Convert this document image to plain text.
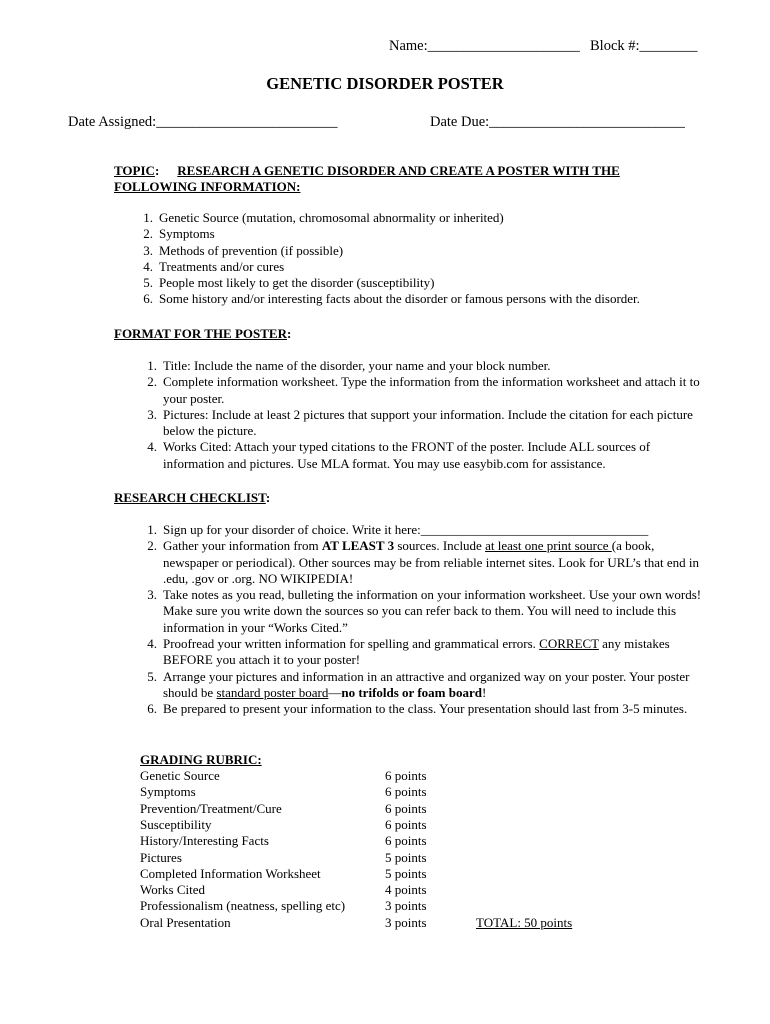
Name:_____________________ Block #:________
GENETIC DISORDER POSTER
Date Assigned:_________________________	Date Due:___________________________
TOPIC: RESEARCH A GENETIC DISORDER AND CREATE A POSTER WITH THE
FOLLOWING INFORMATION:
1. Genetic Source (mutation, chromosomal abnormality or inherited)
2. Symptoms
3. Methods of prevention (if possible)
4. Treatments and/or cures
5. People most likely to get the disorder (susceptibility)
6. Some history and/or interesting facts about the disorder or famous persons with the disorder.
FORMAT FOR THE POSTER:
1. Title: Include the name of the disorder, your name and your block number.
2. Complete information worksheet. Type the information from the information worksheet and attach it to your poster.
3. Pictures: Include at least 2 pictures that support your information. Include the citation for each picture below the picture.
4. Works Cited: Attach your typed citations to the FRONT of the poster. Include ALL sources of information and pictures. Use MLA format. You may use easybib.com for assistance.
RESEARCH CHECKLIST:
1. Sign up for your disorder of choice. Write it here:___________________________________
2. Gather your information from AT LEAST 3 sources. Include at least one print source (a book, newspaper or periodical). Other sources may be from reliable internet sites. Look for URL’s that end in .edu, .gov or .org. NO WIKIPEDIA!
3. Take notes as you read, bulleting the information on your information worksheet. Use your own words! Make sure you write down the sources so you can refer back to them. You will need to include this information in your “Works Cited.”
4. Proofread your written information for spelling and grammatical errors. CORRECT any mistakes BEFORE you attach it to your poster!
5. Arrange your pictures and information in an attractive and organized way on your poster. Your poster should be standard poster board—no trifolds or foam board!
6. Be prepared to present your information to the class. Your presentation should last from 3-5 minutes.
GRADING RUBRIC:
Genetic Source	6 points
Symptoms	6 points
Prevention/Treatment/Cure	6 points
Susceptibility	6 points
History/Interesting Facts	6 points
Pictures	5 points
Completed Information Worksheet	5 points
Works Cited	4 points
Professionalism (neatness, spelling etc)	3 points
Oral Presentation	3 points	TOTAL: 50 points
